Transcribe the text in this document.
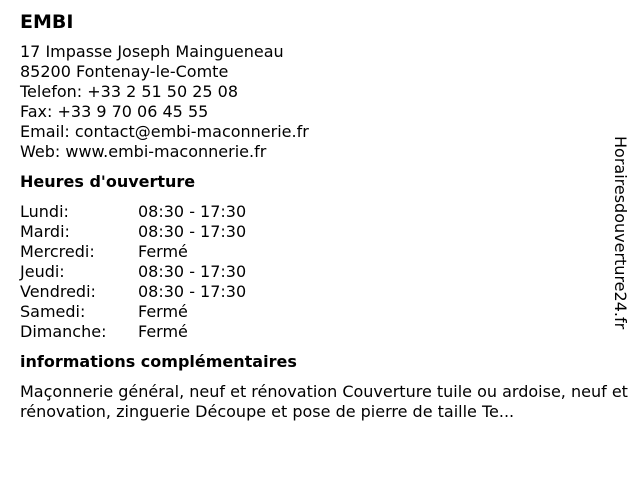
EMBI
17 Impasse Joseph Maingueneau
85200 Fontenay-le-Comte
Telefon: +33 2 51 50 25 08
Fax: +33 9 70 06 45 55
Email: contact@embi-maconnerie.fr
Web: www.embi-maconnerie.fr
Heures d'ouverture
Lundi:	08:30 - 17:30
Mardi:	08:30 - 17:30
Mercredi:	Fermé
Jeudi:	08:30 - 17:30
Vendredi:	08:30 - 17:30
Samedi:	Fermé
Dimanche:	Fermé
informations complémentaires
Maçonnerie général, neuf et rénovation Couverture tuile ou ardoise, neuf et rénovation, zinguerie Découpe et pose de pierre de taille Te...
Horairesdouverture24.fr
